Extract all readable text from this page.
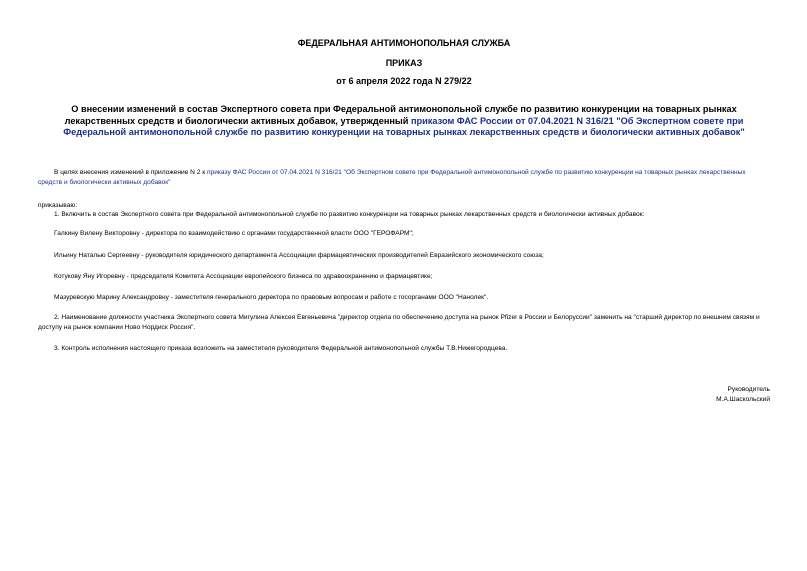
ФЕДЕРАЛЬНАЯ АНТИМОНОПОЛЬНАЯ СЛУЖБА
ПРИКАЗ
от 6 апреля 2022 года N 279/22
О внесении изменений в состав Экспертного совета при Федеральной антимонопольной службе по развитию конкуренции на товарных рынках лекарственных средств и биологически активных добавок, утвержденный приказом ФАС России от 07.04.2021 N 316/21 "Об Экспертном совете при Федеральной антимонопольной службе по развитию конкуренции на товарных рынках лекарственных средств и биологически активных добавок"
В целях внесения изменений в приложение N 2 к приказу ФАС России от 07.04.2021 N 316/21 "Об Экспертном совете при Федеральной антимонопольной службе по развитию конкуренции на товарных рынках лекарственных средств и биологически активных добавок"
приказываю:
1. Включить в состав Экспертного совета при Федеральной антимонопольной службе по развитию конкуренции на товарных рынках лекарственных средств и биологически активных добавок:
Галкину Вилену Викторовну - директора по взаимодействию с органами государственной власти ООО "ГЕРОФАРМ";
Ильину Наталью Сергеевну - руководителя юридического департамента Ассоциации фармацевтических производителей Евразийского экономического союза;
Котукову Яну Игоревну - председателя Комитета Ассоциации европейского бизнеса по здравоохранению и фармацевтике;
Мазуревскую Марину Александровну - заместителя генерального директора по правовым вопросам и работе с госорганами ООО "Нанолек".
2. Наименование должности участника Экспертного совета Мигулина Алексея Евгеньевича "директор отдела по обеспечению доступа на рынок Pfizer в России и Белоруссии" заменить на "старший директор по внешним связям и доступу на рынок компании Ново Нордиск Россия".
3. Контроль исполнения настоящего приказа возложить на заместителя руководителя Федеральной антимонопольной службы Т.В.Нижегородцева.
Руководитель
М.А.Шаскольский
